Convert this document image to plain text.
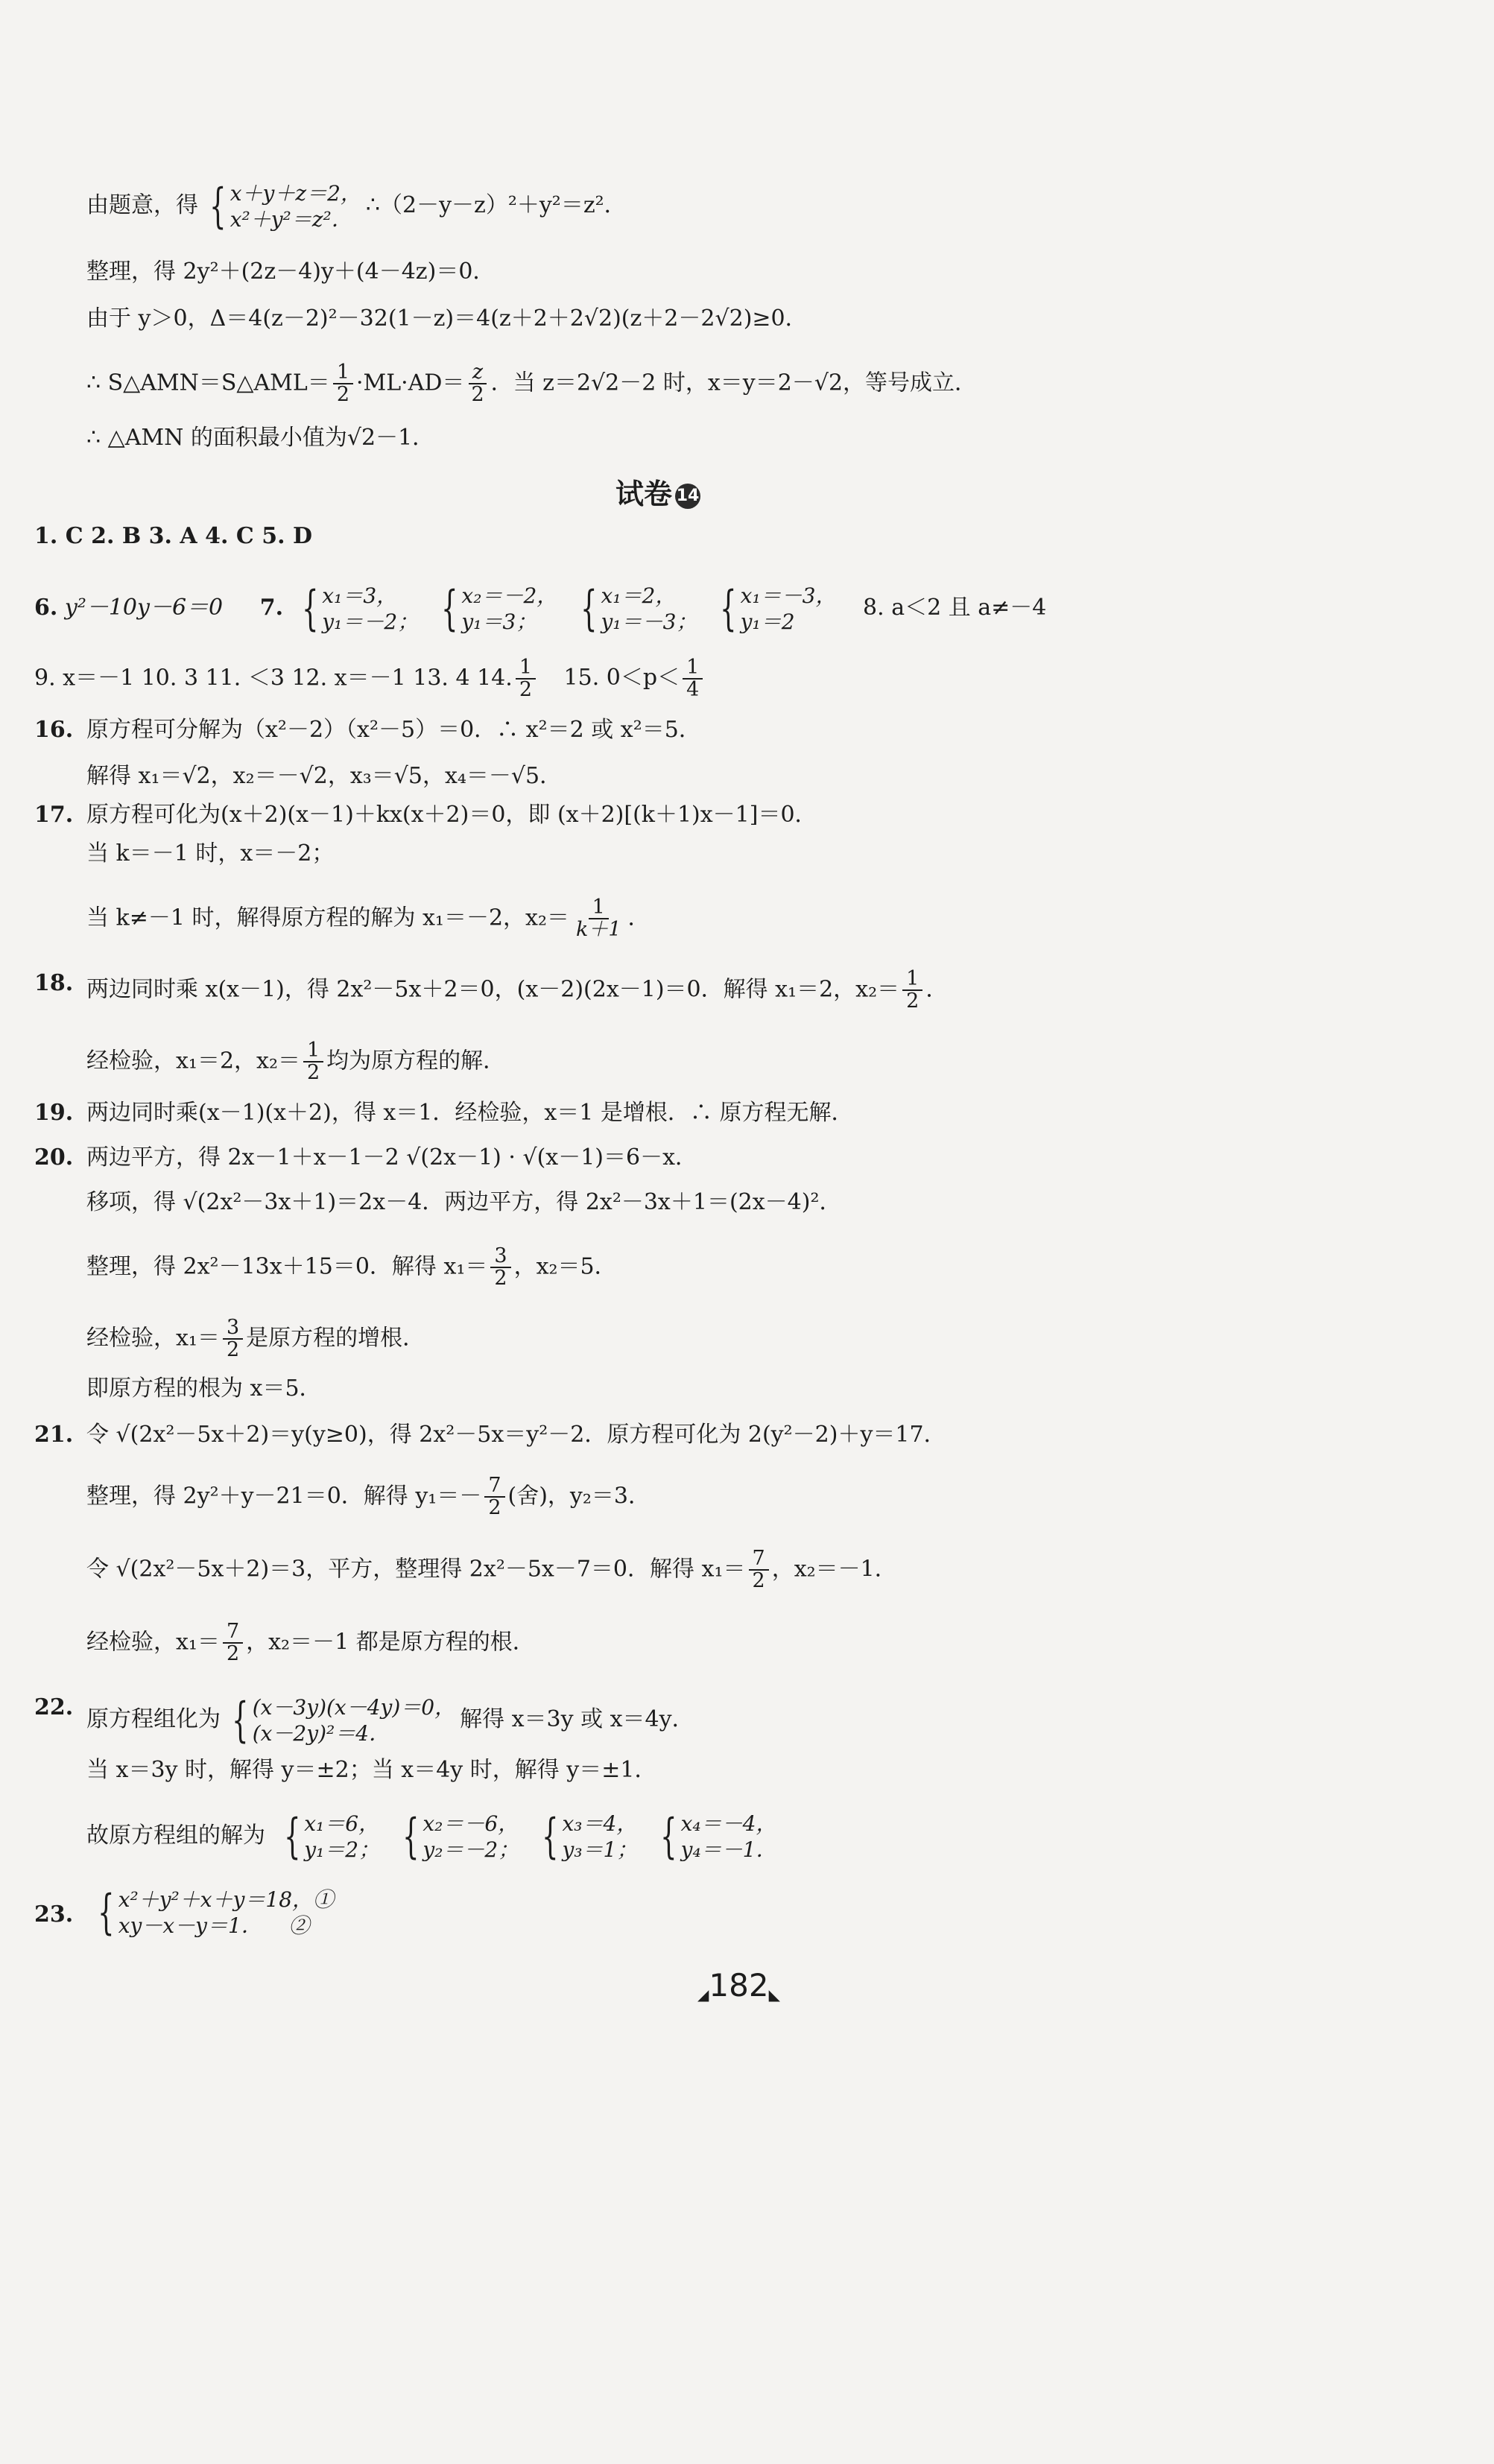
由题意，得 { x＋y＋z＝2，
x²＋y²＝z²．
∴（2－y－z）²＋y²＝z²．
整理，得 2y²＋(2z－4)y＋(4－4z)＝0．
由于 y＞0，Δ＝4(z－2)²－32(1－z)＝4(z＋2＋2√2)(z＋2－2√2)≥0．
∴ S△AMN＝S△AML＝ $\frac{1}{2} \cdot ML\cdot AD= \frac{z}{2}$ ．当 z＝2√2－2 时，x＝y＝2－√2，等号成立．
∴ △AMN 的面积最小值为√2－1．
试卷 14
1. C 2. B 3. A 4. C 5. D
6. y²－10y－6＝0 7. { x₁＝3，
y₁＝－2；
{ x₂＝－2，
y₁＝3；
{ x₁＝2，
y₁＝－3；
{ x₁＝－3，
y₁＝2
8. a＜2 且 a≠－4
9. x＝－1 10. 3 11. ＜3 12. x＝－1 13. 4 14. $\frac{1}{2} 15$. $0<p< \frac{1}{4}$
16. 原方程可分解为（x²－2）（x²－5）＝0．∴ x²＝2 或 x²＝5．
解得 x₁＝√2，x₂＝－√2，x₃＝√5，x₄＝－√5．
17. 原方程可化为(x＋2)(x－1)＋kx(x＋2)＝0，即 (x＋2)[(k＋1)x－1]＝0．
当 k＝－1 时，x＝－2；
当 k≠－1 时，解得原方程的解为 x₁＝－2，$x_2= \frac{1}{k+1}$ ．
18. 两边同时乘 x(x－1)，得 2x²－5x＋2＝0，(x－2)(2x－1)＝0．解得 x₁＝2，$x_2= \frac{1}{2}$ ．
经检验，x₁＝2，$x_2= \frac{1}{2}$ 均为原方程的解．
19. 两边同时乘(x－1)(x＋2)，得 x＝1．经检验，x＝1 是增根．∴ 原方程无解．
20. 两边平方，得 2x－1＋x－1－2 √(2x－1) · √(x－1)＝6－x．
移项，得 √(2x²－3x＋1)＝2x－4．两边平方，得 2x²－3x＋1＝(2x－4)²．
整理，得 2x²－13x＋15＝0．解得 $x_1= \frac{3}{2}$ ，x₂＝5．
经检验，$x_1= \frac{3}{2}$ 是原方程的增根．
即原方程的根为 x＝5．
21. 令 √(2x²－5x＋2)＝y(y≥0)，得 2x²－5x＝y²－2．原方程可化为 2(y²－2)＋y＝17．
整理，得 2y²＋y－21＝0．解得 $y_1=- \frac{7}{2}$ (舍)，y₂＝3．
令 √(2x²－5x＋2)＝3，平方，整理得 2x²－5x－7＝0．解得 $x_1= \frac{7}{2}$ ，x₂＝－1．
经检验，$x_1= \frac{7}{2}$ ，x₂＝－1 都是原方程的根．
22. 原方程组化为 { (x－3y)(x－4y)＝0，
(x－2y)²＝4．
解得 x＝3y 或 x＝4y．
当 x＝3y 时，解得 y＝±2；当 x＝4y 时，解得 y＝±1．
故原方程组的解为 { x₁＝6，
y₁＝2；
{ x₂＝－6，
y₂＝－2；
{ x₃＝4，
y₃＝1；
{ x₄＝－4，
y₄＝－1．
23. { x²＋y²＋x＋y＝18，①
xy－x－y＝1．    ②
◢182◣
